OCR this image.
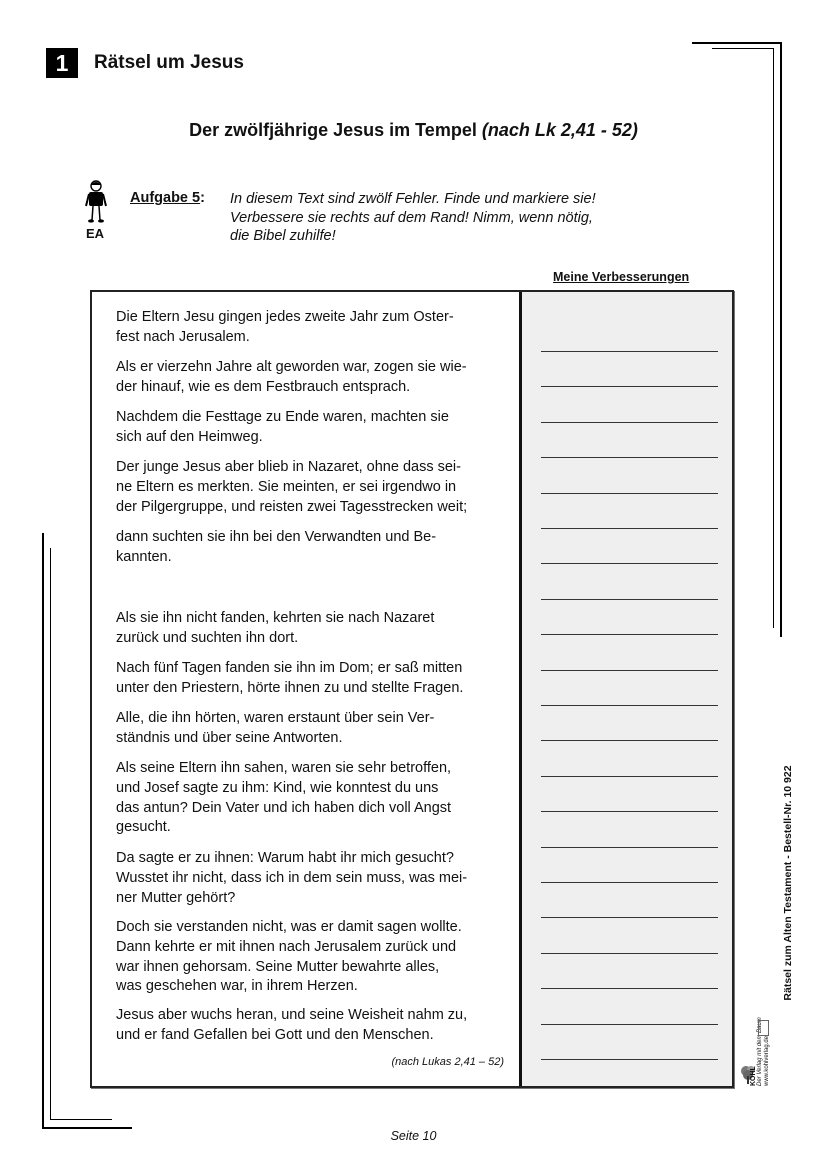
1	Rätsel um Jesus
Der zwölfjährige Jesus im Tempel (nach Lk 2,41 - 52)
EA
Aufgabe 5: In diesem Text sind zwölf Fehler. Finde und markiere sie!
Verbessere sie rechts auf dem Rand! Nimm, wenn nötig,
die Bibel zuhilfe!
Meine Verbesserungen
Die Eltern Jesu gingen jedes zweite Jahr zum Oster-
fest nach Jerusalem.
Als er vierzehn Jahre alt geworden war, zogen sie wie-
der hinauf, wie es dem Festbrauch entsprach.
Nachdem die Festtage zu Ende waren, machten sie
sich auf den Heimweg.
Der junge Jesus aber blieb in Nazaret, ohne dass sei-
ne Eltern es merkten. Sie meinten, er sei irgendwo in
der Pilgergruppe, und reisten zwei Tagesstrecken weit;
dann suchten sie ihn bei den Verwandten und Be-
kannten.
Als sie ihn nicht fanden, kehrten sie nach Nazaret
zurück und suchten ihn dort.
Nach fünf Tagen fanden sie ihn im Dom; er saß mitten
unter den Priestern, hörte ihnen zu und stellte Fragen.
Alle, die ihn hörten, waren erstaunt über sein Ver-
ständnis und über seine Antworten.
Als seine Eltern ihn sahen, waren sie sehr betroffen,
und Josef sagte zu ihm: Kind, wie konntest du uns
das antun? Dein Vater und ich haben dich voll Angst
gesucht.
Da sagte er zu ihnen: Warum habt ihr mich gesucht?
Wusstet ihr nicht, dass ich in dem sein muss, was mei-
ner Mutter gehört?
Doch sie verstanden nicht, was er damit sagen wollte.
Dann kehrte er mit ihnen nach Jerusalem zurück und
war ihnen gehorsam. Seine Mutter bewahrte alles,
was geschehen war, in ihrem Herzen.
Jesus aber wuchs heran, und seine Weisheit nahm zu,
und er fand Gefallen bei Gott und den Menschen.
(nach Lukas 2,41 – 52)
Rätsel zum Alten Testament - Bestell-Nr. 10 922
KOHL Der Verlag mit dem Baum www.kohlverlag.de
Seite 10
